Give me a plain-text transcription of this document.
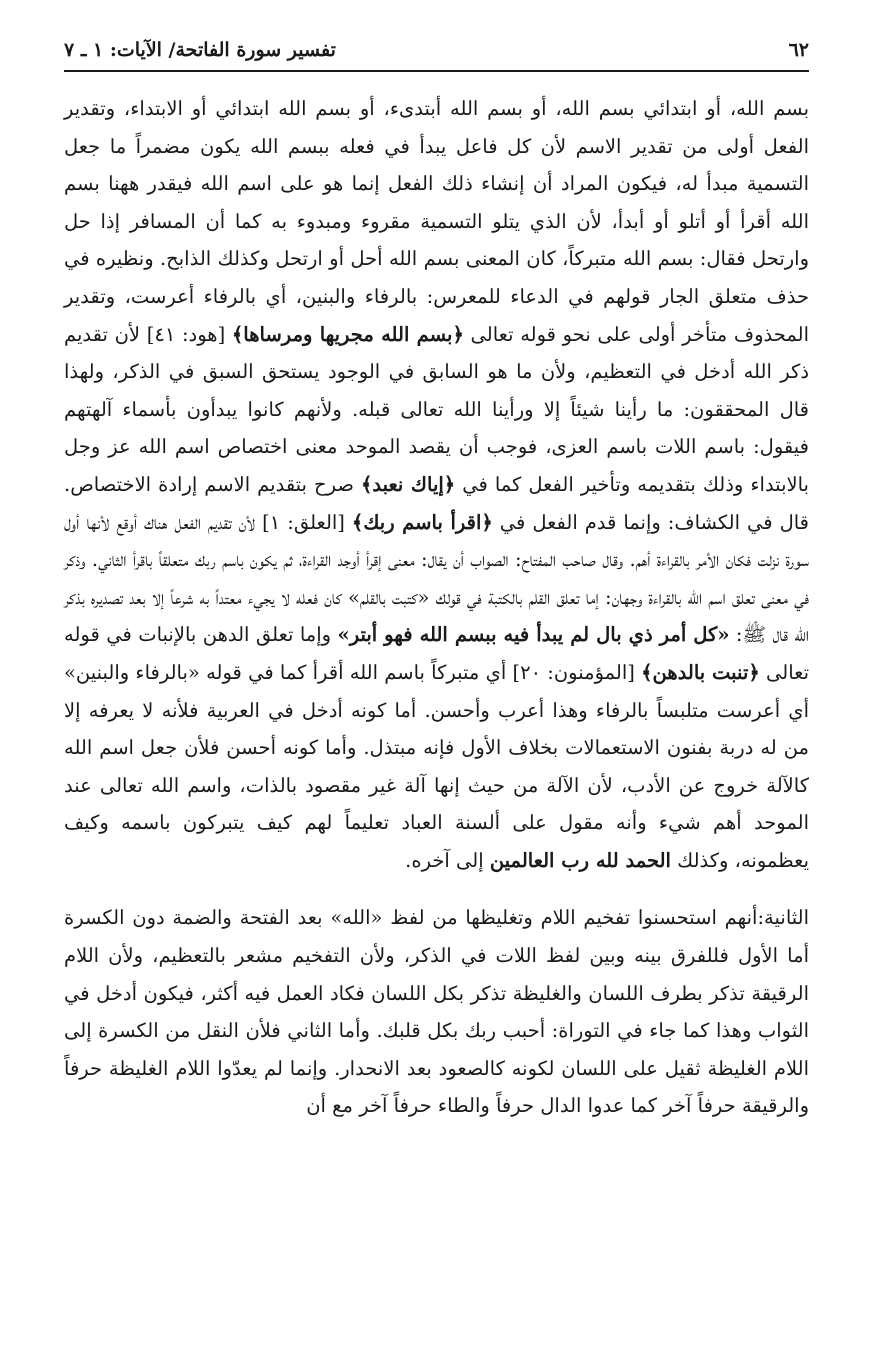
٦٢
تفسير سورة الفاتحة/ الآيات: ١ ـ ٧

بسم الله، أو ابتدائي بسم الله، أو بسم الله أبتدىء، أو بسم الله ابتدائي أو الابتداء، وتقدير الفعل أولى من تقدير الاسم لأن كل فاعل يبدأ في فعله ببسم الله يكون مضمراً ما جعل التسمية مبدأ له، فيكون المراد أن إنشاء ذلك الفعل إنما هو على اسم الله فيقدر ههنا بسم الله أقرأ أو أتلو أو أبدأ، لأن الذي يتلو التسمية مقروء ومبدوء به كما أن المسافر إذا حل وارتحل فقال: بسم الله متبركاً، كان المعنى بسم الله أحل أو ارتحل وكذلك الذابح. ونظيره في حذف متعلق الجار قولهم في الدعاء للمعرس: بالرفاء والبنين، أي بالرفاء أعرست، وتقدير المحذوف متأخر أولى على نحو قوله تعالى ﴿بسم الله مجريها ومرساها﴾ [هود: ٤١] لأن تقديم ذكر الله أدخل في التعظيم، ولأن ما هو السابق في الوجود يستحق السبق في الذكر، ولهذا قال المحققون: ما رأينا شيئاً إلا ورأينا الله تعالى قبله. ولأنهم كانوا يبدأون بأسماء آلهتهم فيقول: باسم اللات باسم العزى، فوجب أن يقصد الموحد معنى اختصاص اسم الله عز وجل بالابتداء وذلك بتقديمه وتأخير الفعل كما في ﴿إياك نعبد﴾ صرح بتقديم الاسم إرادة الاختصاص. قال في الكشاف: وإنما قدم الفعل في ﴿اقرأ باسم ربك﴾ [العلق: ١] لأن تقديم الفعل هناك أوقع لأنها أول سورة نزلت فكان الأمر بالقراءة أهم. وقال صاحب المفتاح: الصواب أن يقال: معنى إقرأ أوجد القراءة، ثم يكون باسم ربك متعلقاً باقرأ الثاني. وذكر في معنى تعلق اسم الله بالقراءة وجهان: إما تعلق القلم بالكتبة في قولك «كتبت بالقلم» كان فعله لا يجيء معتداً به شرعاً إلا بعد تصديره بذكر الله قال ﷺ: «كل أمر ذي بال لم يبدأ فيه ببسم الله فهو أبتر» وإما تعلق الدهن بالإنبات في قوله تعالى ﴿تنبت بالدهن﴾ [المؤمنون: ٢٠] أي متبركاً باسم الله أقرأ كما في قوله «بالرفاء والبنين» أي أعرست متلبساً بالرفاء وهذا أعرب وأحسن. أما كونه أدخل في العربية فلأنه لا يعرفه إلا من له دربة بفنون الاستعمالات بخلاف الأول فإنه مبتذل. وأما كونه أحسن فلأن جعل اسم الله كالآلة خروج عن الأدب، لأن الآلة من حيث إنها آلة غير مقصود بالذات، واسم الله تعالى عند الموحد أهم شيء وأنه مقول على ألسنة العباد تعليماً لهم كيف يتبركون باسمه وكيف يعظمونه، وكذلك الحمد لله رب العالمين إلى آخره.

الثانية:أنهم استحسنوا تفخيم اللام وتغليظها من لفظ «الله» بعد الفتحة والضمة دون الكسرة أما الأول فللفرق بينه وبين لفظ اللات في الذكر، ولأن التفخيم مشعر بالتعظيم، ولأن اللام الرقيقة تذكر بطرف اللسان والغليظة تذكر بكل اللسان فكاد العمل فيه أكثر، فيكون أدخل في الثواب وهذا كما جاء في التوراة: أحبب ربك بكل قلبك. وأما الثاني فلأن النقل من الكسرة إلى اللام الغليظة ثقيل على اللسان لكونه كالصعود بعد الانحدار. وإنما لم يعدّوا اللام الغليظة حرفاً والرقيقة حرفاً آخر كما عدوا الدال حرفاً والطاء حرفاً آخر مع أن
